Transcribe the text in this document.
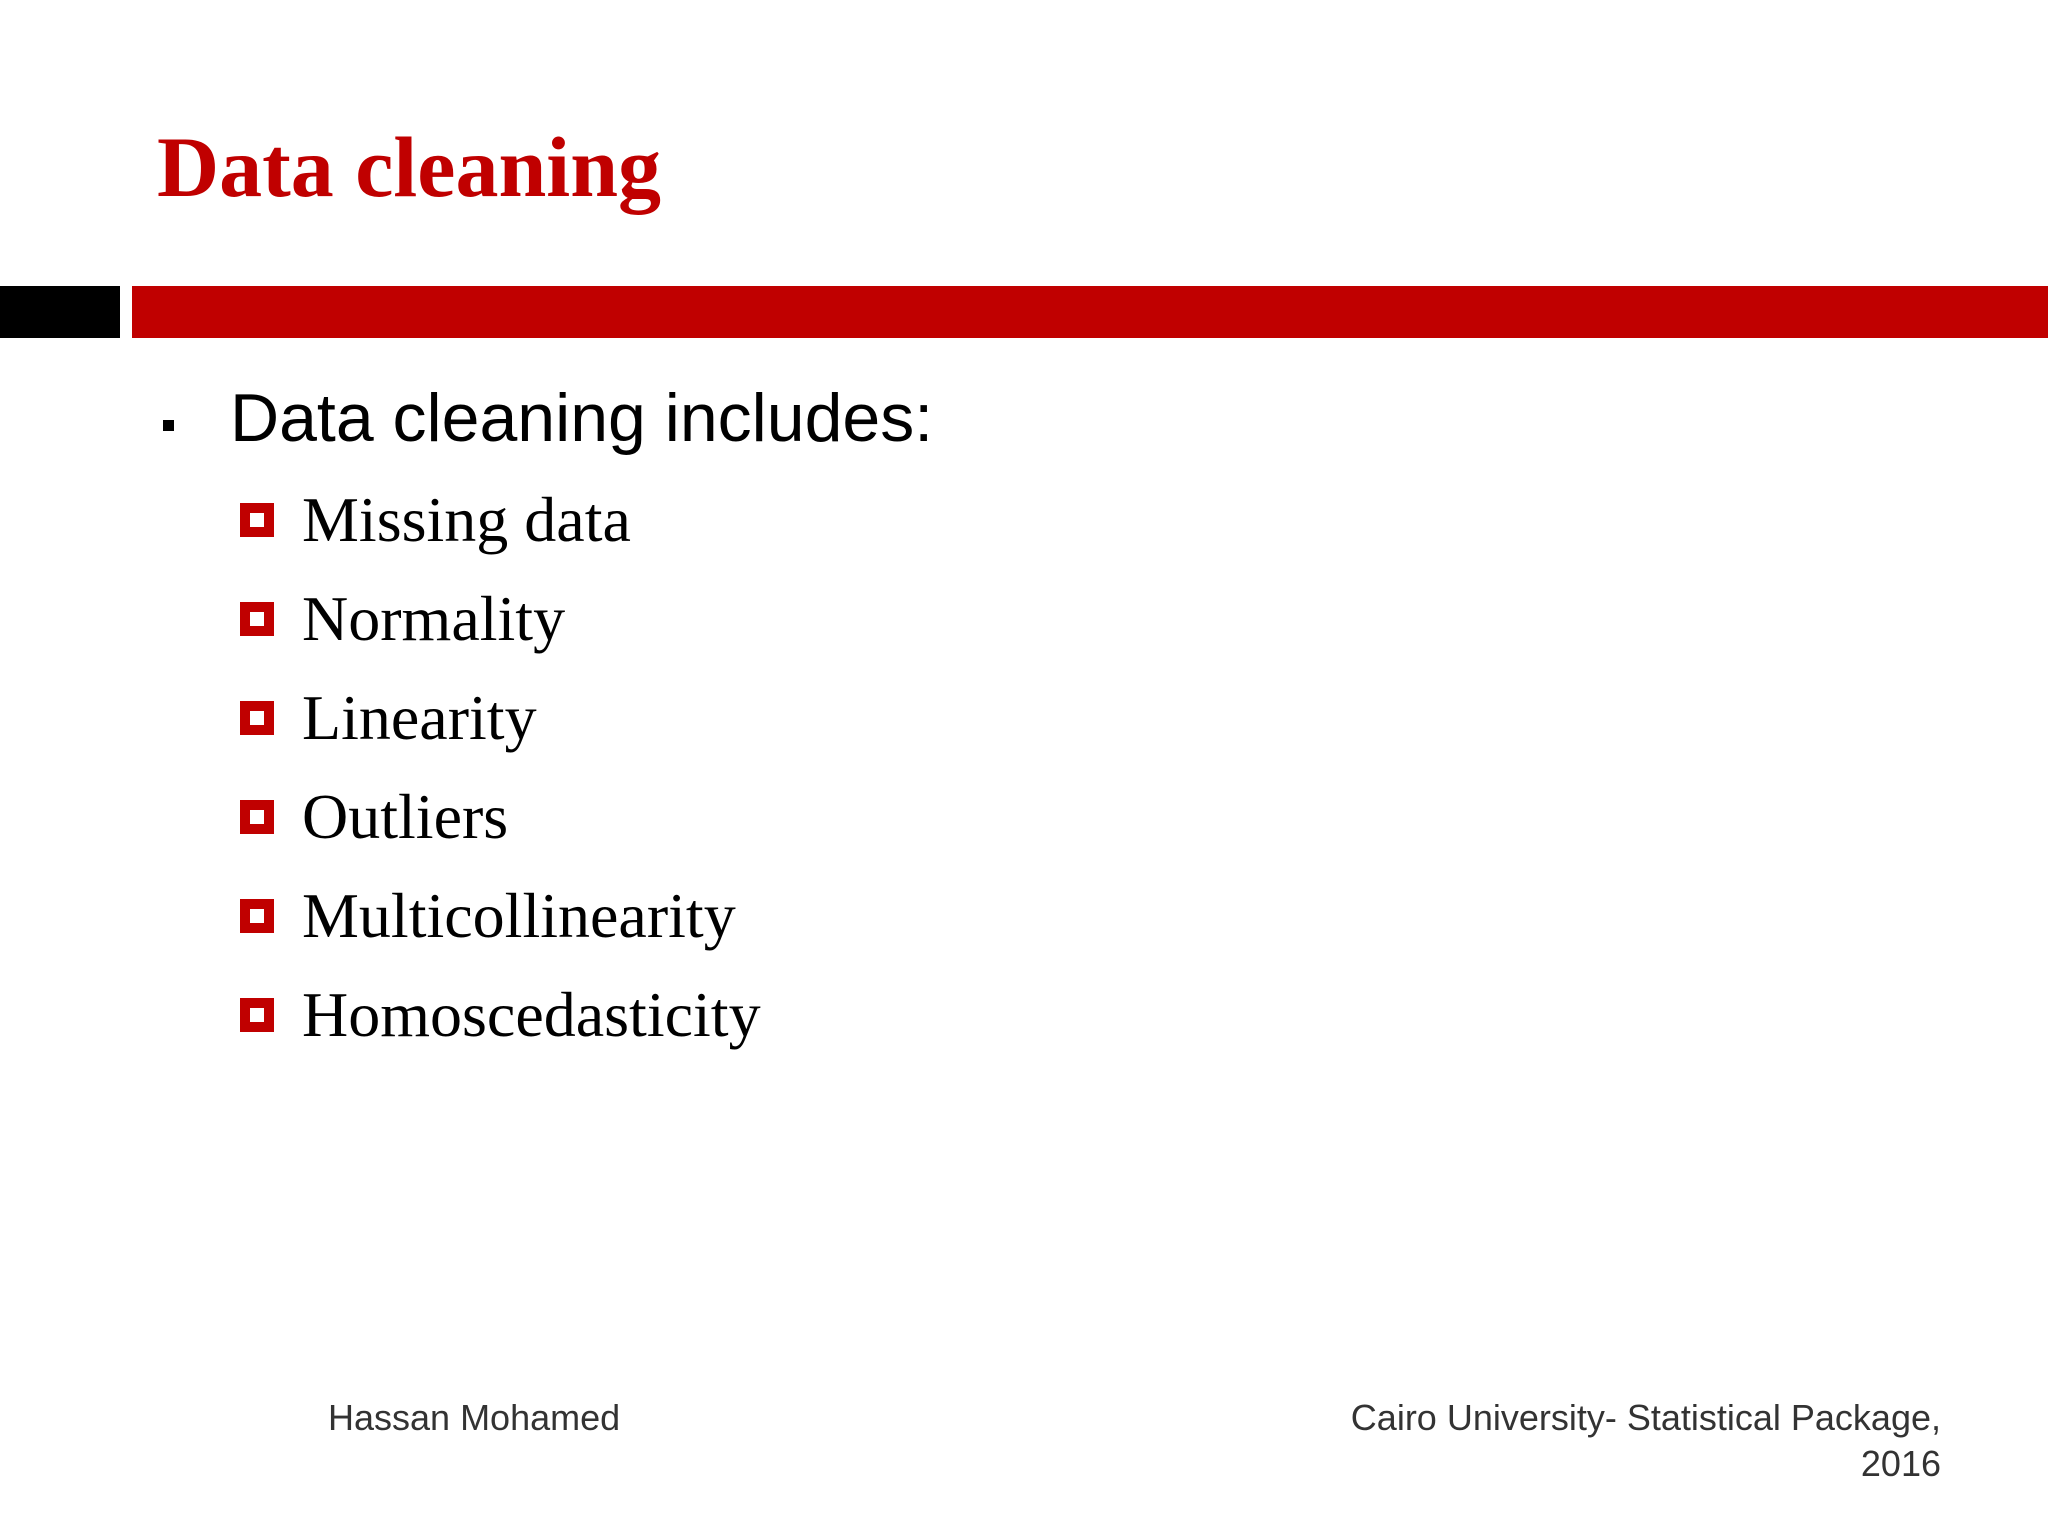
Data cleaning
Data cleaning includes:
Missing data
Normality
Linearity
Outliers
Multicollinearity
Homoscedasticity
Hassan Mohamed	Cairo University- Statistical Package, 2016
